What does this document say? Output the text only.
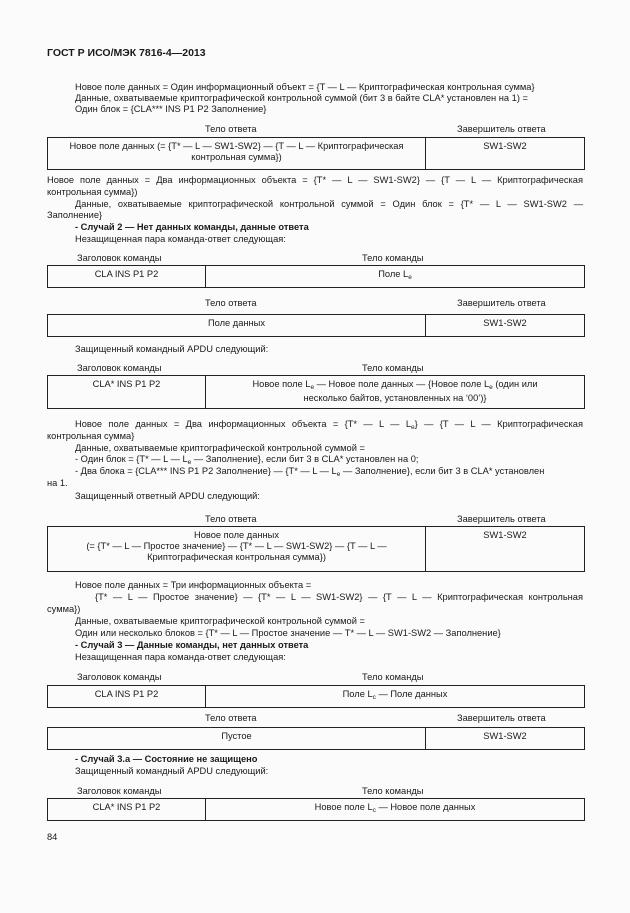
ГОСТ Р ИСО/МЭК 7816-4—2013
Новое поле данных = Один информационный объект = {T — L — Криптографическая контрольная сумма}
Данные, охватываемые криптографической контрольной суммой (бит 3 в байте CLA* установлен на 1) =
Один блок = {CLA*** INS P1 P2 Заполнение}
Тело ответа	Завершитель ответа
Новое поле данных (= {T* — L — SW1-SW2} — {T — L — Криптографическая
контрольная сумма})	SW1-SW2
Новое поле данных = Два информационных объекта = {T* — L — SW1-SW2} — {T — L — Криптографическая
контрольная сумма})
Данные, охватываемые криптографической контрольной суммой = Один блок = {T* — L — SW1-SW2 —
Заполнение}
- Случай 2 — Нет данных команды, данные ответа
Незащищенная пара команда-ответ следующая:
Заголовок команды	Тело команды
CLA INS P1 P2	Поле $L_e$
Тело ответа	Завершитель ответа
Поле данных	SW1-SW2
Защищенный командный APDU следующий:
Заголовок команды	Тело команды
CLA* INS P1 P2	Новое поле $L_e$ — Новое поле данных — {Новое поле $L_e$ (один или
несколько байтов, установленных на ‘00’)}
Новое поле данных = Два информационных объекта = {T* — L — $L_e$} — {T — L — Криптографическая
контрольная сумма}
Данные, охватываемые криптографической контрольной суммой =
- Один блок = {T* — L — $L_e$ — Заполнение}, если бит 3 в CLA* установлен на 0;
- Два блока = {CLA*** INS P1 P2 Заполнение} — {T* — L — $L_e$ — Заполнение}, если бит 3 в CLA* установлен
на 1.
Защищенный ответный APDU следующий:
Тело ответа	Завершитель ответа
Новое поле данных
(= {T* — L — Простое значение} — {T* — L — SW1-SW2} — {T — L —
Криптографическая контрольная сумма})	SW1-SW2
Новое поле данных = Три информационных объекта =
{T* — L — Простое значение} — {T* — L — SW1-SW2} — {T — L — Криптографическая контрольная
сумма})
Данные, охватываемые криптографической контрольной суммой =
Один или несколько блоков = {T* — L — Простое значение — T* — L — SW1-SW2 — Заполнение}
- Случай 3 — Данные команды, нет данных ответа
Незащищенная пара команда-ответ следующая:
Заголовок команды	Тело команды
CLA INS P1 P2	Поле $L_c$ — Поле данных
Тело ответа	Завершитель ответа
Пустое	SW1-SW2
- Случай 3.a — Состояние не защищено
Защищенный командный APDU следующий:
Заголовок команды	Тело команды
CLA* INS P1 P2	Новое поле $L_c$ — Новое поле данных
84
